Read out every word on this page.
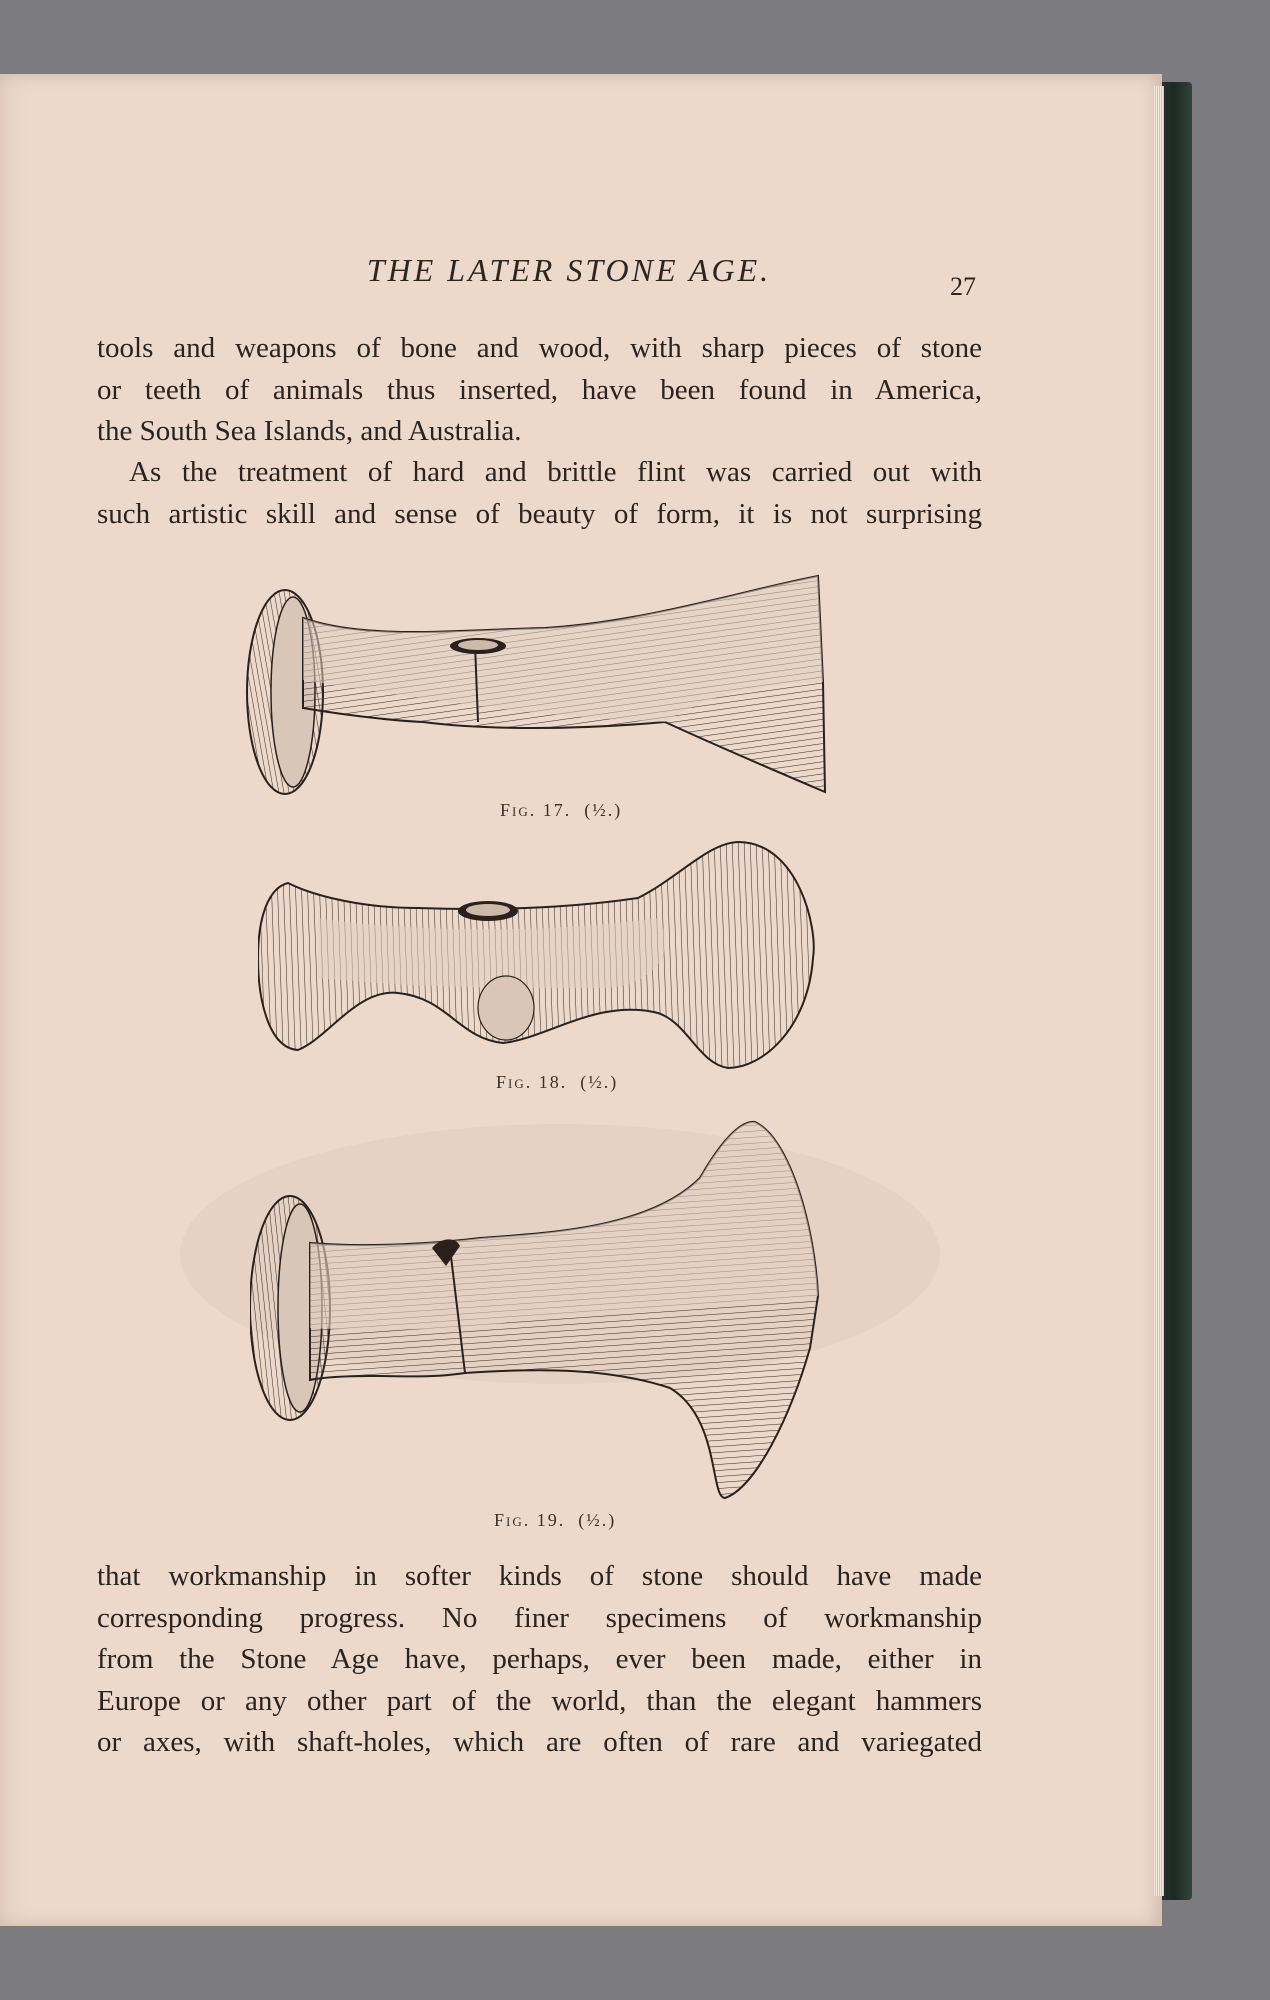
THE LATER STONE AGE.	27

tools and weapons of bone and wood, with sharp pieces of stone
or teeth of animals thus inserted, have been found in America,
the South Sea Islands, and Australia.

As the treatment of hard and brittle flint was carried out with
such artistic skill and sense of beauty of form, it is not surprising

Fig. 17. (½.)
Fig. 18. (½.)
Fig. 19. (½.)

that workmanship in softer kinds of stone should have made
corresponding progress. No finer specimens of workmanship
from the Stone Age have, perhaps, ever been made, either in
Europe or any other part of the world, than the elegant hammers
or axes, with shaft-holes, which are often of rare and variegated
